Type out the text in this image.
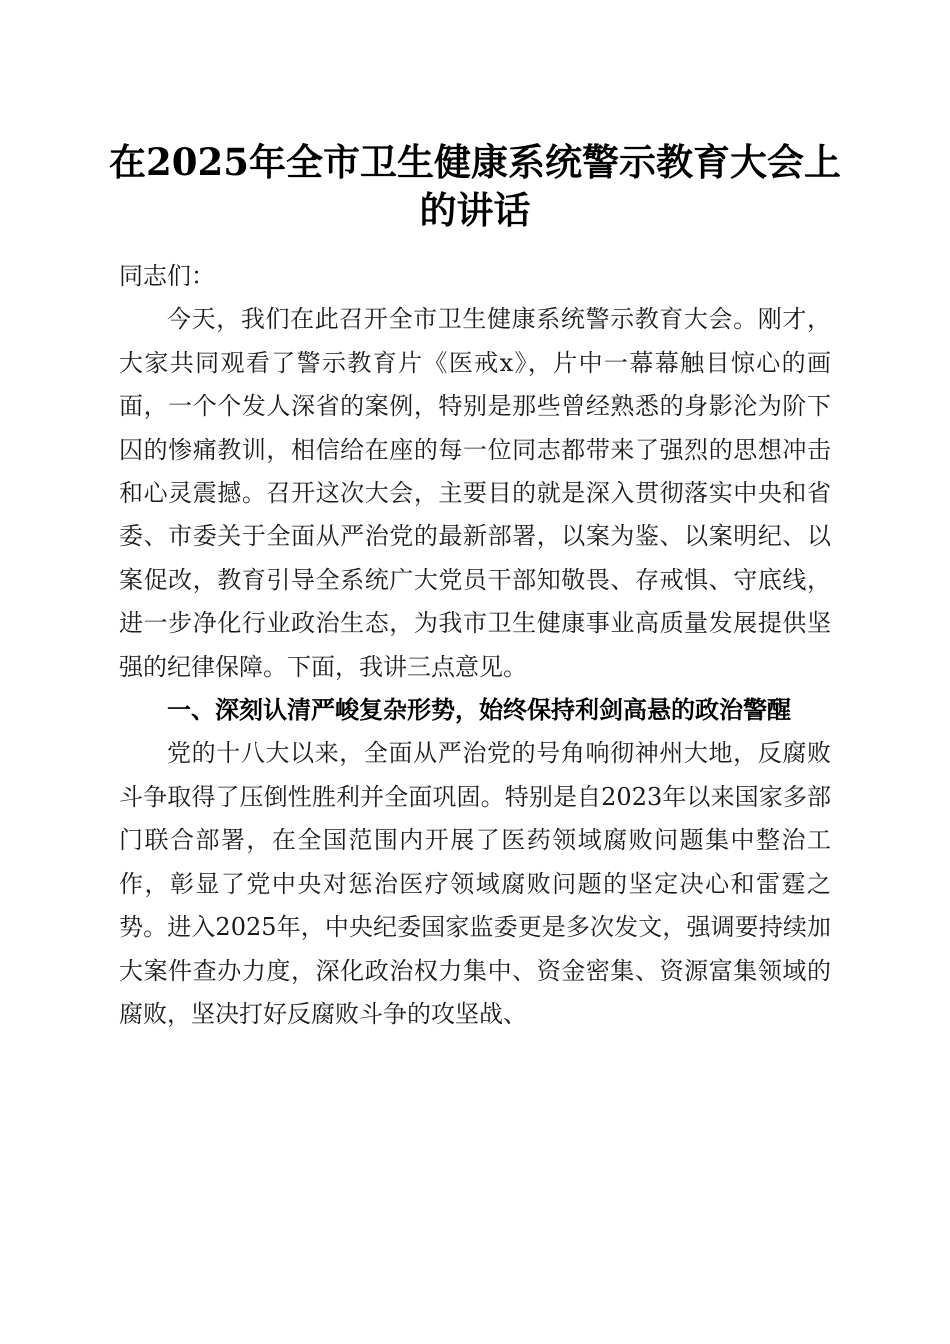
在2025年全市卫生健康系统警示教育大会上
的讲话

同志们：

今天，我们在此召开全市卫生健康系统警示教育大会。刚才，大家共同观看了警示教育片《医戒x》，片中一幕幕触目惊心的画面，一个个发人深省的案例，特别是那些曾经熟悉的身影沦为阶下囚的惨痛教训，相信给在座的每一位同志都带来了强烈的思想冲击和心灵震撼。召开这次大会，主要目的就是深入贯彻落实中央和省委、市委关于全面从严治党的最新部署，以案为鉴、以案明纪、以案促改，教育引导全系统广大党员干部知敬畏、存戒惧、守底线，进一步净化行业政治生态，为我市卫生健康事业高质量发展提供坚强的纪律保障。下面，我讲三点意见。

一、深刻认清严峻复杂形势，始终保持利剑高悬的政治警醒

党的十八大以来，全面从严治党的号角响彻神州大地，反腐败斗争取得了压倒性胜利并全面巩固。特别是自2023年以来国家多部门联合部署，在全国范围内开展了医药领域腐败问题集中整治工作，彰显了党中央对惩治医疗领域腐败问题的坚定决心和雷霆之势。进入2025年，中央纪委国家监委更是多次发文，强调要持续加大案件查办力度，深化政治权力集中、资金密集、资源富集领域的腐败，坚决打好反腐败斗争的攻坚战、
